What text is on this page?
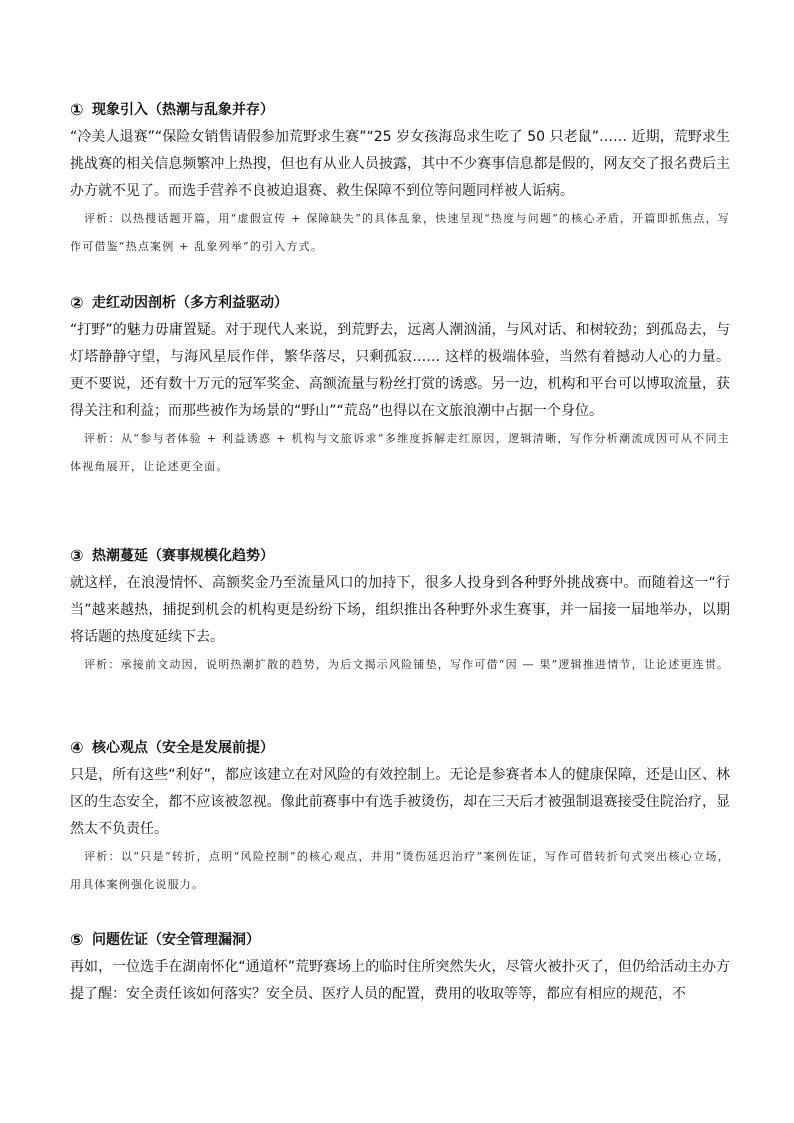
① 现象引入（热潮与乱象并存）

“冷美人退赛”“保险女销售请假参加荒野求生赛”“25 岁女孩海岛求生吃了 50 只老鼠”…… 近期，荒野求生挑战赛的相关信息频繁冲上热搜，但也有从业人员披露，其中不少赛事信息都是假的，网友交了报名费后主办方就不见了。而选手营养不良被迫退赛、救生保障不到位等问题同样被人诟病。

评析：以热搜话题开篇，用“虚假宣传 + 保障缺失”的具体乱象，快速呈现“热度与问题”的核心矛盾，开篇即抓焦点，写作可借鉴“热点案例 + 乱象列举”的引入方式。

② 走红动因剖析（多方利益驱动）

“打野”的魅力毋庸置疑。对于现代人来说，到荒野去，远离人潮汹涌，与风对话、和树较劲；到孤岛去，与灯塔静静守望，与海风星辰作伴，繁华落尽，只剩孤寂…… 这样的极端体验，当然有着撼动人心的力量。更不要说，还有数十万元的冠军奖金、高额流量与粉丝打赏的诱惑。另一边，机构和平台可以博取流量，获得关注和利益；而那些被作为场景的“野山”“荒岛”也得以在文旅浪潮中占据一个身位。

评析：从“参与者体验 + 利益诱惑 + 机构与文旅诉求”多维度拆解走红原因，逻辑清晰，写作分析潮流成因可从不同主体视角展开，让论述更全面。

③ 热潮蔓延（赛事规模化趋势）

就这样，在浪漫情怀、高额奖金乃至流量风口的加持下，很多人投身到各种野外挑战赛中。而随着这一“行当”越来越热，捕捉到机会的机构更是纷纷下场，组织推出各种野外求生赛事，并一届接一届地举办，以期将话题的热度延续下去。

评析：承接前文动因，说明热潮扩散的趋势，为后文揭示风险铺垫，写作可借“因 — 果”逻辑推进情节，让论述更连贯。

④ 核心观点（安全是发展前提）

只是，所有这些“利好”，都应该建立在对风险的有效控制上。无论是参赛者本人的健康保障，还是山区、林区的生态安全，都不应该被忽视。像此前赛事中有选手被烫伤，却在三天后才被强制退赛接受住院治疗，显然太不负责任。

评析：以“只是”转折，点明“风险控制”的核心观点，并用“烫伤延迟治疗”案例佐证，写作可借转折句式突出核心立场，用具体案例强化说服力。

⑤ 问题佐证（安全管理漏洞）

再如，一位选手在湖南怀化“通道杯”荒野赛场上的临时住所突然失火，尽管火被扑灭了，但仍给活动主办方提了醒：安全责任该如何落实？安全员、医疗人员的配置，费用的收取等等，都应有相应的规范，不
